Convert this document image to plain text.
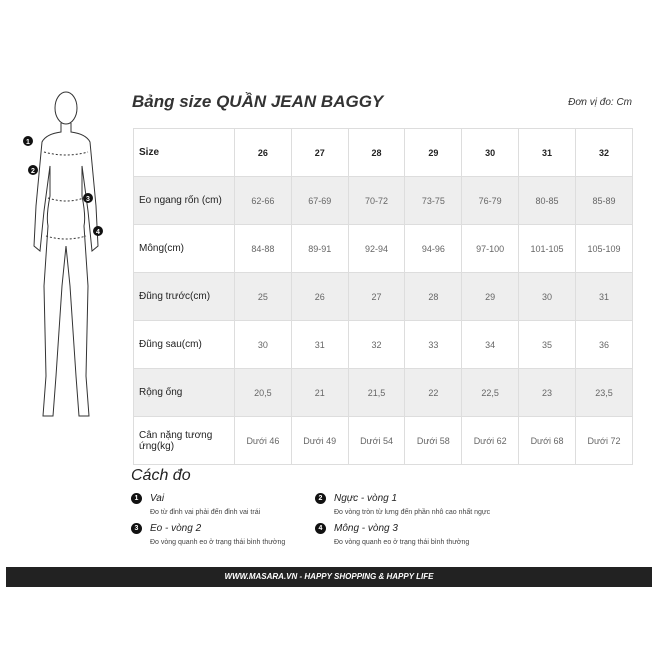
1
2
3
4
Bảng size QUẦN JEAN BAGGY	Đơn vị đo: Cm
Size	26	27	28	29	30	31	32
Eo ngang rốn (cm)	62-66	67-69	70-72	73-75	76-79	80-85	85-89
Mông(cm)	84-88	89-91	92-94	94-96	97-100	101-105	105-109
Đũng trước(cm)	25	26	27	28	29	30	31
Đũng sau(cm)	30	31	32	33	34	35	36
Rộng ống	20,5	21	21,5	22	22,5	23	23,5
Cân nặng tương ứng(kg)	Dưới 46	Dưới 49	Dưới 54	Dưới 58	Dưới 62	Dưới 68	Dưới 72
Cách đo
1 Vai
Đo từ đỉnh vai phải đến đỉnh vai trái
2 Ngực - vòng 1
Đo vòng tròn từ lưng đến phần nhô cao nhất ngực
3 Eo - vòng 2
Đo vòng quanh eo ở trạng thái bình thường
4 Mông - vòng 3
Đo vòng quanh eo ở trạng thái bình thường
WWW.MASARA.VN - HAPPY SHOPPING & HAPPY LIFE
